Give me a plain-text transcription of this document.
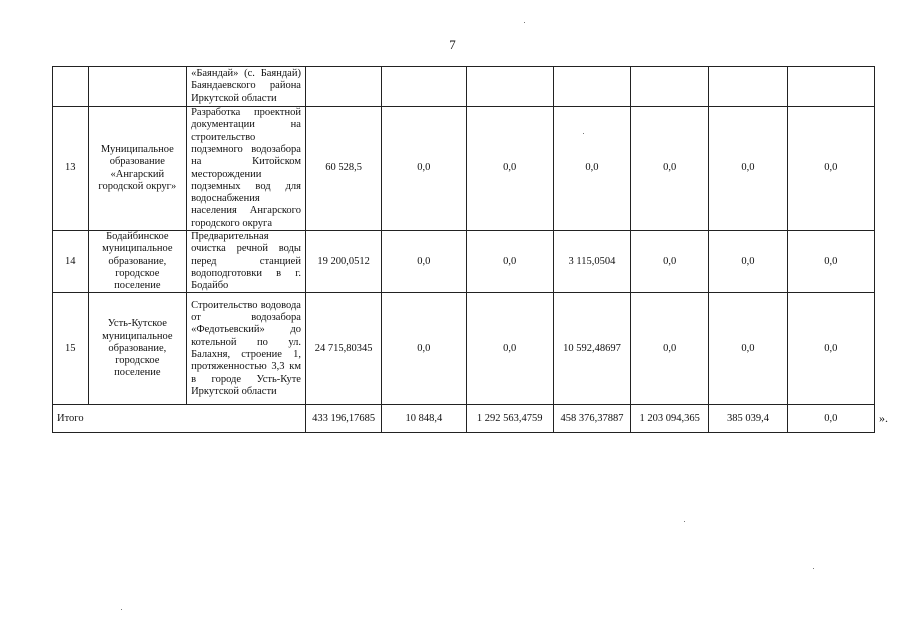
7
		«Баяндай» (с. Баяндай) Баяндаевского района Иркутской области							
13	Муниципальное образование «Ангарский городской округ»	Разработка проектной документации на строительство подземного водозабора на Китойском месторождении подземных вод для водоснабжения населения Ангарского городского округа	60 528,5	0,0	0,0	0,0	0,0	0,0	0,0
14	Бодайбинское муниципальное образование, городское поселение	Предварительная очистка речной воды перед станцией водоподготовки в г. Бодайбо	19 200,0512	0,0	0,0	3 115,0504	0,0	0,0	0,0
15	Усть-Кутское муниципальное образование, городское поселение	Строительство водовода от водозабора «Федотьевский» до котельной по ул. Балахня, строение 1, протяженностью 3,3 км в городе Усть-Куте Иркутской области	24 715,80345	0,0	0,0	10 592,48697	0,0	0,0	0,0
Итого			433 196,17685	10 848,4	1 292 563,4759	458 376,37887	1 203 094,365	385 039,4	0,0	».
